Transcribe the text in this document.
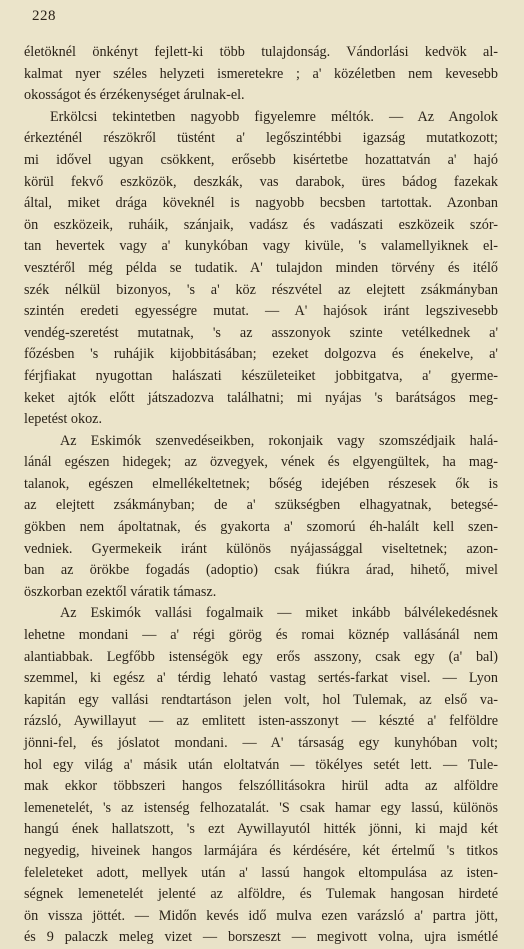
228
életöknél önkényt fejlett-ki több tulajdonság. Vándorlási kedvök al-
kalmat nyer széles helyzeti ismeretekre ; a' közéletben nem kevesebb
okosságot és érzékenységet árulnak-el.
Erkölcsi tekintetben nagyobb figyelemre méltók. — Az Angolok
érkezténél részökről tüstént a' legőszintébbi igazság mutatkozott;
mi idővel ugyan csökkent, erősebb kisértetbe hozattatván a' hajó
körül fekvő eszközök, deszkák, vas darabok, üres bádog fazekak
által, miket drága köveknél is nagyobb becsben tartottak. Azonban
ön eszközeik, ruháik, szánjaik, vadász és vadászati eszközeik szór-
tan hevertek vagy a' kunykóban vagy kivüle, 's valamellyiknek el-
vesztéről még példa se tudatik. A' tulajdon minden törvény és itélő
szék nélkül bizonyos, 's a' köz részvétel az elejtett zsákmányban
szintén eredeti egyességre mutat. — A' hajósok iránt legszivesebb
vendég-szeretést mutatnak, 's az asszonyok szinte vetélkednek a'
főzésben 's ruhájik kijobbitásában; ezeket dolgozva és énekelve, a'
férjfiakat nyugottan halászati készületeiket jobbitgatva, a' gyerme-
keket ajtók előtt játszadozva találhatni; mi nyájas 's barátságos meg-
lepetést okoz.
Az Eskimók szenvedéseikben, rokonjaik vagy szomszédjaik halá-
lánál egészen hidegek; az özvegyek, vének és elgyengültek, ha mag-
talanok, egészen elmellékeltetnek; bőség idejében részesek ők is
az elejtett zsákmányban; de a' szükségben elhagyatnak, betegsé-
gökben nem ápoltatnak, és gyakorta a' szomorú éh-halált kell szen-
vedniek. Gyermekeik iránt különös nyájassággal viseltetnek; azon-
ban az örökbe fogadás (adoptio) csak fiúkra árad, hihető, mivel
öszkorban ezektől váratik támasz.
Az Eskimók vallási fogalmaik — miket inkább bálvélekedésnek
lehetne mondani — a' régi görög és romai köznép vallásánál nem
alantiabbak. Legfőbb istenségök egy erős asszony, csak egy (a' bal)
szemmel, ki egész a' térdig leható vastag sertés-farkat visel. — Lyon
kapitán egy vallási rendtartáson jelen volt, hol Tulemak, az első va-
rázsló, Aywillayut — az emlitett isten-asszonyt — készté a' felföldre
jönni-fel, és jóslatot mondani. — A' társaság egy kunyhóban volt;
hol egy világ a' másik után eloltatván — tökélyes setét lett. — Tule-
mak ekkor többszeri hangos felszóllitásokra hirül adta az alföldre
lemenetelét, 's az istenség felhozatalát. 'S csak hamar egy lassú, különös
hangú ének hallatszott, 's ezt Aywillayutól hitték jönni, ki majd két
negyedig, hiveinek hangos larmájára és kérdésére, két értelmű 's titkos
feleleteket adott, mellyek után a' lassú hangok eltompulása az isten-
ségnek lemenetelét jelenté az alföldre, és Tulemak hangosan hirdeté
ön vissza jöttét. — Midőn kevés idő mulva ezen varázsló a' partra jött,
és 9 palaczk meleg vizet — borszeszt — megivott volna, ujra ismétlé
